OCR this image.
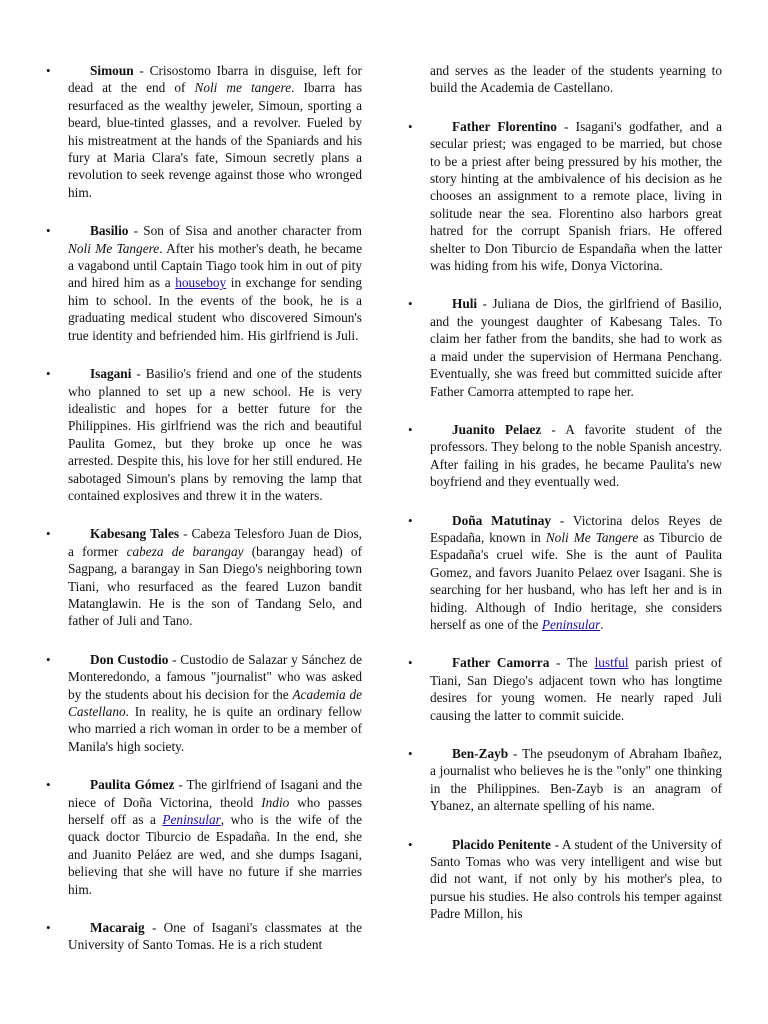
•	Simoun - Crisostomo Ibarra in disguise, left for dead at the end of Noli me tangere. Ibarra has resurfaced as the wealthy jeweler, Simoun, sporting a beard, blue-tinted glasses, and a revolver. Fueled by his mistreatment at the hands of the Spaniards and his fury at Maria Clara's fate, Simoun secretly plans a revolution to seek revenge against those who wronged him.
•	Basilio - Son of Sisa and another character from Noli Me Tangere. After his mother's death, he became a vagabond until Captain Tiago took him in out of pity and hired him as a houseboy in exchange for sending him to school. In the events of the book, he is a graduating medical student who discovered Simoun's true identity and befriended him. His girlfriend is Juli.
•	Isagani - Basilio's friend and one of the students who planned to set up a new school. He is very idealistic and hopes for a better future for the Philippines. His girlfriend was the rich and beautiful Paulita Gomez, but they broke up once he was arrested. Despite this, his love for her still endured. He sabotaged Simoun's plans by removing the lamp that contained explosives and threw it in the waters.
•	Kabesang Tales - Cabeza Telesforo Juan de Dios, a former cabeza de barangay (barangay head) of Sagpang, a barangay in San Diego's neighboring town Tiani, who resurfaced as the feared Luzon bandit Matanglawin. He is the son of Tandang Selo, and father of Juli and Tano.
•	Don Custodio - Custodio de Salazar y Sánchez de Monteredondo, a famous "journalist" who was asked by the students about his decision for the Academia de Castellano. In reality, he is quite an ordinary fellow who married a rich woman in order to be a member of Manila's high society.
•	Paulita Gómez - The girlfriend of Isagani and the niece of Doña Victorina, theold Indio who passes herself off as a Peninsular, who is the wife of the quack doctor Tiburcio de Espadaña. In the end, she and Juanito Peláez are wed, and she dumps Isagani, believing that she will have no future if she marries him.
•	Macaraig - One of Isagani's classmates at the University of Santo Tomas. He is a rich student
and serves as the leader of the students yearning to build the Academia de Castellano.
•	Father Florentino - Isagani's godfather, and a secular priest; was engaged to be married, but chose to be a priest after being pressured by his mother, the story hinting at the ambivalence of his decision as he chooses an assignment to a remote place, living in solitude near the sea. Florentino also harbors great hatred for the corrupt Spanish friars. He offered shelter to Don Tiburcio de Espandaña when the latter was hiding from his wife, Donya Victorina.
•	Huli - Juliana de Dios, the girlfriend of Basilio, and the youngest daughter of Kabesang Tales. To claim her father from the bandits, she had to work as a maid under the supervision of Hermana Penchang. Eventually, she was freed but committed suicide after Father Camorra attempted to rape her.
•	Juanito Pelaez - A favorite student of the professors. They belong to the noble Spanish ancestry. After failing in his grades, he became Paulita's new boyfriend and they eventually wed.
•	Doña Matutinay - Victorina delos Reyes de Espadaña, known in Noli Me Tangere as Tiburcio de Espadaña's cruel wife. She is the aunt of Paulita Gomez, and favors Juanito Pelaez over Isagani. She is searching for her husband, who has left her and is in hiding. Although of Indio heritage, she considers herself as one of the Peninsular.
•	Father Camorra - The lustful parish priest of Tiani, San Diego's adjacent town who has longtime desires for young women. He nearly raped Juli causing the latter to commit suicide.
•	Ben-Zayb - The pseudonym of Abraham Ibañez, a journalist who believes he is the "only" one thinking in the Philippines. Ben-Zayb is an anagram of Ybanez, an alternate spelling of his name.
•	Placido Penitente - A student of the University of Santo Tomas who was very intelligent and wise but did not want, if not only by his mother's plea, to pursue his studies. He also controls his temper against Padre Millon, his
